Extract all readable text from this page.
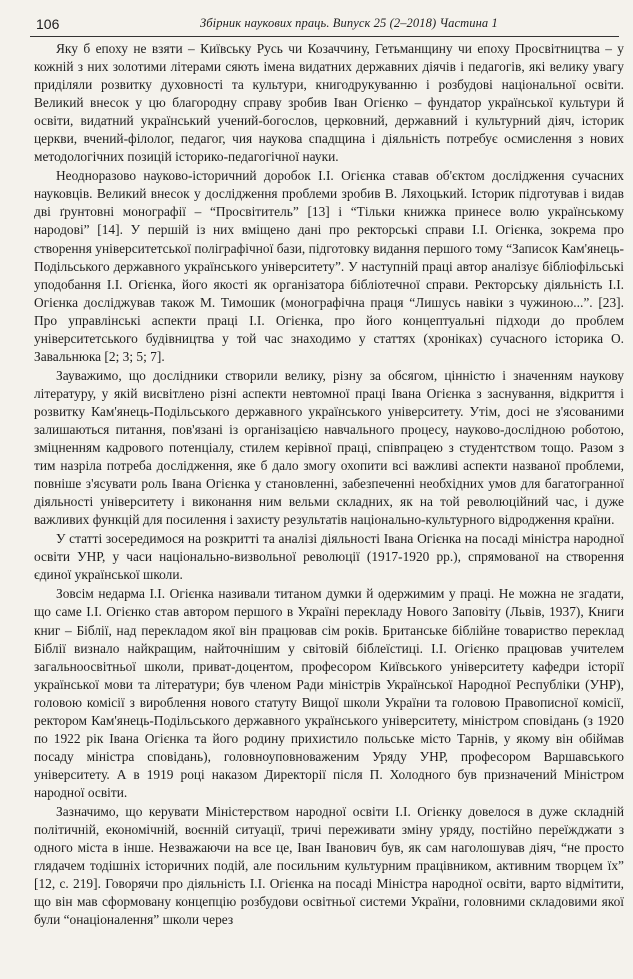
106	Збірник наукових праць. Випуск 25 (2–2018) Частина 1

Яку б епоху не взяти – Київську Русь чи Козаччину, Гетьманщину чи епоху Просвітництва – у кожній з них золотими літерами сяють імена видатних державних діячів і педагогів, які велику увагу приділяли розвитку духовності та культури, книгодрукуванню і розбудові національної освіти. Великий внесок у цю благородну справу зробив Іван Огієнко – фундатор української культури й освіти, видатний український учений-богослов, церковний, державний і культурний діяч, історик церкви, вчений-філолог, педагог, чия наукова спадщина і діяльність потребує осмислення з нових методологічних позицій історико-педагогічної науки.

Неодноразово науково-історичний доробок І.І. Огієнка ставав об'єктом дослідження сучасних науковців. Великий внесок у дослідження проблеми зробив В. Ляхоцький. Історик підготував і видав дві ґрунтовні монографії – “Просвітитель” [13] і “Тільки книжка принесе волю українському народові” [14]. У першій із них вміщено дані про ректорські справи І.І. Огієнка, зокрема про створення університетської поліграфічної бази, підготовку видання першого тому “Записок Кам'янець-Подільського державного українського університету”. У наступній праці автор аналізує бібліофільські уподобання І.І. Огієнка, його якості як організатора бібліотечної справи. Ректорську діяльність І.І. Огієнка досліджував також М. Тимошик (монографічна праця “Лишусь навіки з чужиною...”. [23]. Про управлінські аспекти праці І.І. Огієнка, про його концептуальні підходи до проблем університетського будівництва у той час знаходимо у статтях (хроніках) сучасного історика О. Завальнюка [2; 3; 5; 7].

Зауважимо, що дослідники створили велику, різну за обсягом, цінністю і значенням наукову літературу, у якій висвітлено різні аспекти невтомної праці Івана Огієнка з заснування, відкриття і розвитку Кам'янець-Подільського державного українського університету. Утім, досі не з'ясованими залишаються питання, пов'язані із організацією навчального процесу, науково-дослідною роботою, зміцненням кадрового потенціалу, стилем керівної праці, співпрацею з студентством тощо. Разом з тим назріла потреба дослідження, яке б дало змогу охопити всі важливі аспекти названої проблеми, повніше з'ясувати роль Івана Огієнка у становленні, забезпеченні необхідних умов для багатогранної діяльності університету і виконання ним вельми складних, як на той революційний час, і дуже важливих функцій для посилення і захисту результатів національно-культурного відродження країни.

У статті зосередимося на розкритті та аналізі діяльності Івана Огієнка на посаді міністра народної освіти УНР, у часи національно-визвольної революції (1917-1920 рр.), спрямованої на створення єдиної української школи.

Зовсім недарма І.І. Огієнка називали титаном думки й одержимим у праці. Не можна не згадати, що саме І.І. Огієнко став автором першого в Україні перекладу Нового Заповіту (Львів, 1937), Книги книг – Біблії, над перекладом якої він працював сім років. Британське біблійне товариство переклад Біблії визнало найкращим, найточнішим у світовій біблеїстиці. І.І. Огієнко працював учителем загальноосвітньої школи, приват-доцентом, професором Київського університету кафедри історії української мови та літератури; був членом Ради міністрів Української Народної Республіки (УНР), головою комісії з вироблення нового статуту Вищої школи України та головою Правописної комісії, ректором Кам'янець-Подільського державного українського університету, міністром сповідань (з 1920 по 1922 рік Івана Огієнка та його родину прихистило польське місто Тарнів, у якому він обіймав посаду міністра сповідань), головноуповноваженим Уряду УНР, професором Варшавського університету. А в 1919 році наказом Директорії після П. Холодного був призначений Міністром народної освіти.

Зазначимо, що керувати Міністерством народної освіти І.І. Огієнку довелося в дуже складній політичній, економічній, воєнній ситуації, тричі переживати зміну уряду, постійно переїжджати з одного міста в інше. Незважаючи на все це, Іван Іванович був, як сам наголошував діяч, “не просто глядачем тодішніх історичних подій, але посильним культурним працівником, активним творцем їх” [12, с. 219]. Говорячи про діяльність І.І. Огієнка на посаді Міністра народної освіти, варто відмітити, що він мав сформовану концепцію розбудови освітньої системи України, головними складовими якої були “онаціоналення” школи через
